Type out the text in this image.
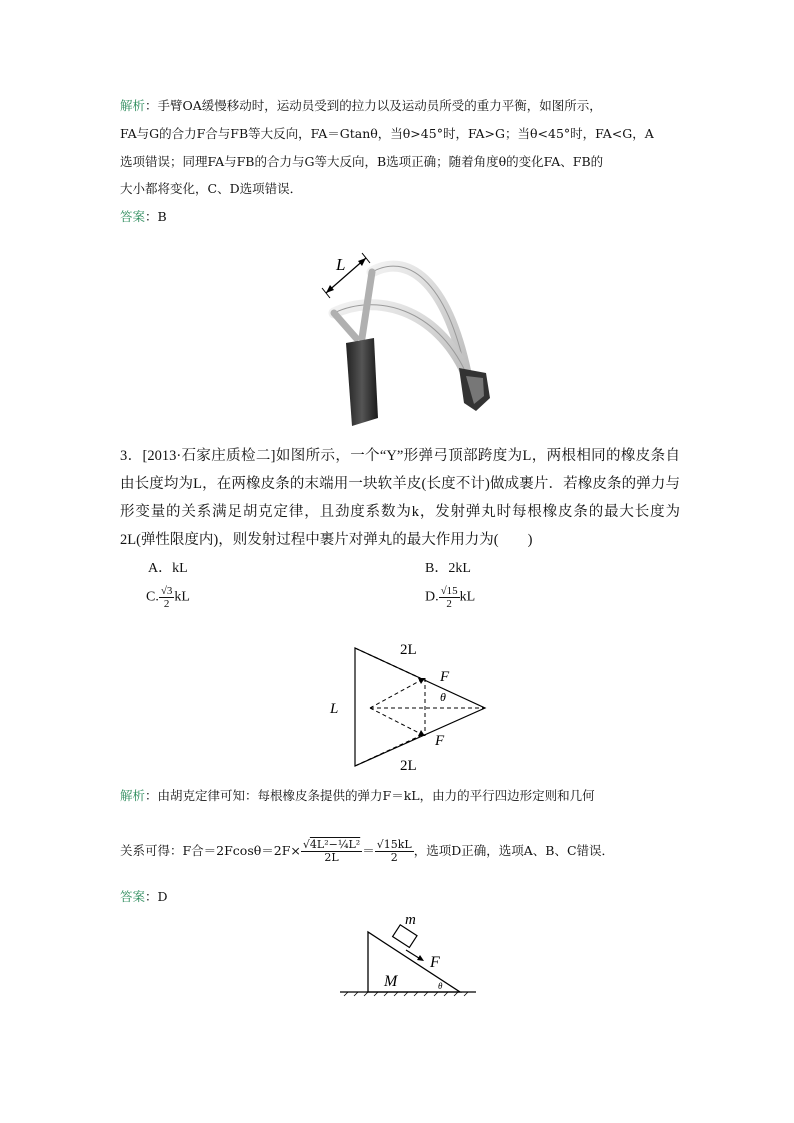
解析：手臂OA缓慢移动时，运动员受到的拉力以及运动员所受的重力平衡，如图所示，
FA与G的合力F合与FB等大反向，FA＝Gtanθ，当θ>45°时，FA>G；当θ<45°时，FA<G，A
选项错误；同理FA与FB的合力与G等大反向，B选项正确；随着角度θ的变化FA、FB的
大小都将变化，C、D选项错误．
答案：B
L
3．[2013·石家庄质检二]如图所示，一个“Y”形弹弓顶部跨度为L，两根相同的橡皮条自由长度均为L，在两橡皮条的末端用一块软羊皮(长度不计)做成裹片．若橡皮条的弹力与形变量的关系满足胡克定律，且劲度系数为k，发射弹丸时每根橡皮条的最大长度为2L(弹性限度内)，则发射过程中裹片对弹丸的最大作用力为(　　)
A．kL	B．2kL
C. $\frac{√3}{2}$ kL	D. $\frac{√15}{2}$ kL
2L
2L
L
F
F
θ
解析：由胡克定律可知：每根橡皮条提供的弹力F＝kL，由力的平行四边形定则和几何
关系可得：F合$=2Fcos\theta=2F\times \frac{\text{√4L²−¼L²}}{2L} = \frac{√15kL}{2}$ ，选项D正确，选项A、B、C错误．
答案：D
m
F
M	θ
